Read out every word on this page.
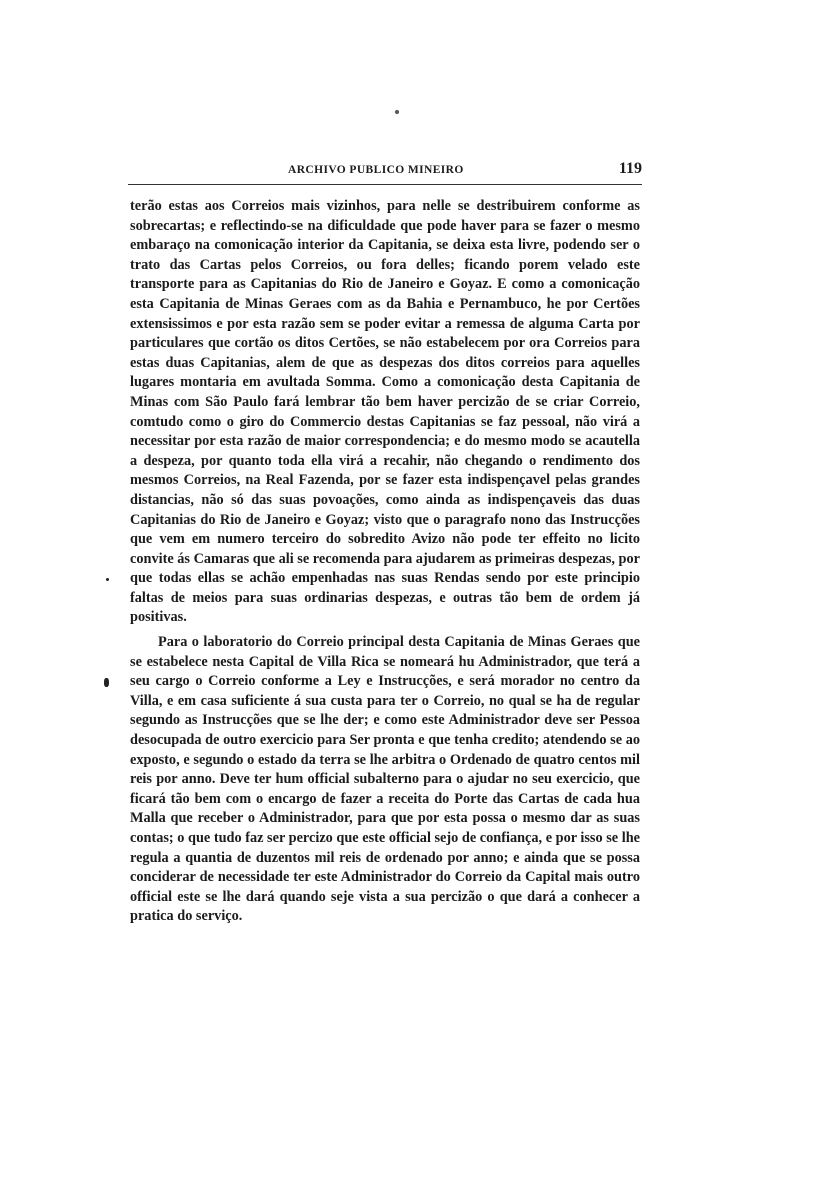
ARCHIVO PUBLICO MINEIRO	119

terão estas aos Correios mais vizinhos, para nelle se destribuirem conforme as sobrecartas; e reflectindo-se na dificuldade que pode haver para se fazer o mesmo embaraço na comonicação interior da Capitania, se deixa esta livre, podendo ser o trato das Cartas pelos Correios, ou fora delles; ficando porem velado este transporte para as Capitanias do Rio de Janeiro e Goyaz. E como a comonicação esta Capitania de Minas Geraes com as da Bahia e Pernambuco, he por Certões extensissimos e por esta razão sem se poder evitar a remessa de alguma Carta por particulares que cortão os ditos Certões, se não estabelecem por ora Correios para estas duas Capitanias, alem de que as despezas dos ditos correios para aquelles lugares montaria em avultada Somma. Como a comonicação desta Capitania de Minas com São Paulo fará lembrar tão bem haver percizão de se criar Correio, comtudo como o giro do Commercio destas Capitanias se faz pessoal, não virá a necessitar por esta razão de maior correspondencia; e do mesmo modo se acautella a despeza, por quanto toda ella virá a recahir, não chegando o rendimento dos mesmos Correios, na Real Fazenda, por se fazer esta indispençavel pelas grandes distancias, não só das suas povoações, como ainda as indispençaveis das duas Capitanias do Rio de Janeiro e Goyaz; visto que o paragrafo nono das Instrucções que vem em numero terceiro do sobredito Avizo não pode ter effeito no licito convite ás Camaras que ali se recomenda para ajudarem as primeiras despezas, por que todas ellas se achão empenhadas nas suas Rendas sendo por este principio faltas de meios para suas ordinarias despezas, e outras tão bem de ordem já positivas.

Para o laboratorio do Correio principal desta Capitania de Minas Geraes que se estabelece nesta Capital de Villa Rica se nomeará hu Administrador, que terá a seu cargo o Correio conforme a Ley e Instrucções, e será morador no centro da Villa, e em casa suficiente á sua custa para ter o Correio, no qual se ha de regular segundo as Instrucções que se lhe der; e como este Administrador deve ser Pessoa desocupada de outro exercicio para Ser pronta e que tenha credito; atendendo se ao exposto, e segundo o estado da terra se lhe arbitra o Ordenado de quatro centos mil reis por anno. Deve ter hum official subalterno para o ajudar no seu exercicio, que ficará tão bem com o encargo de fazer a receita do Porte das Cartas de cada hua Malla que receber o Administrador, para que por esta possa o mesmo dar as suas contas; o que tudo faz ser percizo que este official sejo de confiança, e por isso se lhe regula a quantia de duzentos mil reis de ordenado por anno; e ainda que se possa conciderar de necessidade ter este Administrador do Correio da Capital mais outro official este se lhe dará quando seje vista a sua percizão o que dará a conhecer a pratica do serviço.
